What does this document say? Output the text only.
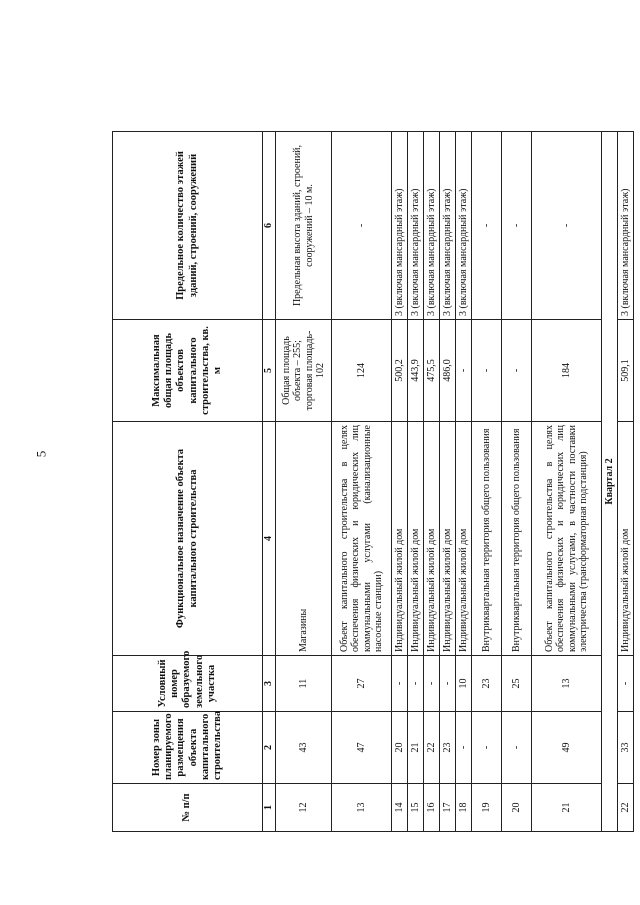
5
№ п/п	Номер зоны планируемого размещения объекта капитального строительства	Условный номер образуемого земельного участка	Функциональное назначение объекта капитального строительства	Максимальная общая площадь объектов капитального строительства, кв. м	Предельное количество этажей зданий, строений, сооружений
1	2	3	4	5	6
12	43	11	Магазины	Общая площадь объекта – 255; торговая площадь- 102	Предельная высота зданий, строений, сооружений – 10 м.
13	47	27	Объект капитального строительства в целях обеспечения физических и юридических лиц коммунальными услугами (канализационные насосные станции)	124	-
14	20	-	Индивидуальный жилой дом	500,2	3 (включая мансардный этаж)
15	21	-	Индивидуальный жилой дом	443,9	3 (включая мансардный этаж)
16	22	-	Индивидуальный жилой дом	475,5	3 (включая мансардный этаж)
17	23	-	Индивидуальный жилой дом	486,0	3 (включая мансардный этаж)
18	-	10	Индивидуальный жилой дом	-	3 (включая мансардный этаж)
19	-	23	Внутриквартальная территория общего пользования	-	-
20	-	25	Внутриквартальная территория общего пользования	-	-
21	49	13	Объект капитального строительства в целях обеспечения физических и юридических лиц коммунальными услугами, в частности поставки электричества (трансформаторная подстанция)	184	-
Квартал 2					
22	33	-	Индивидуальный жилой дом	509,1	3 (включая мансардный этаж)
